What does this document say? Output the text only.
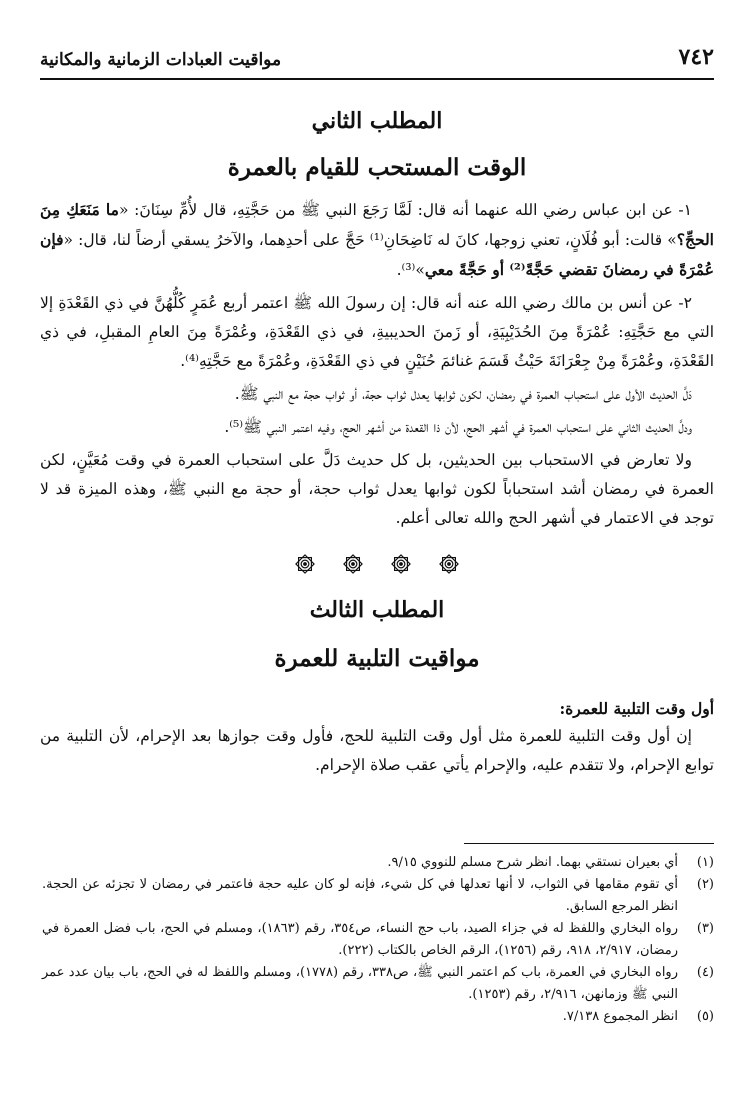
٧٤٢
مواقيت العبادات الزمانية والمكانية
المطلب الثاني
الوقت المستحب للقيام بالعمرة

١- عن ابن عباس رضي الله عنهما أنه قال: لَمَّا رَجَعَ النبي ﷺ من حَجَّتِهِ، قال لأُمِّ سِنَانَ: «ما مَنَعَكِ مِنَ الحجِّ؟» قالت: أبو فُلَانٍ، تعني زوجها، كانَ له نَاضِحَانِ⁽¹⁾ حَجَّ على أحدِهما، والآخرُ يسقي أرضاً لنا، قال: «فإن عُمْرَةً في رمضانَ تقضي حَجَّةً⁽²⁾ أو حَجَّةً معي»⁽³⁾.

٢- عن أنس بن مالك رضي الله عنه أنه قال: إن رسولَ الله ﷺ اعتمر أربع عُمَرٍ كُلُّهُنَّ في ذي القَعْدَةِ إلا التي مع حَجَّتِهِ: عُمْرَةً مِنَ الحُدَيْبِيَةِ، أو زَمنَ الحديبيةِ، في ذي القَعْدَةِ، وعُمْرَةً مِنَ العامِ المقبلِ، في ذي القَعْدَةِ، وعُمْرَةً مِنْ جِعْرَانَةَ حَيْثُ قَسَمَ غنائمَ حُنَيْنٍ في ذي القَعْدَةِ، وعُمْرَةً مع حَجَّتِهِ⁽⁴⁾.

دَلَّ الحديث الأول على استحباب العمرة في رمضان، لكون ثوابها يعدل ثواب حجة، أو ثواب حجة مع النبي ﷺ.

ودلَّ الحديث الثاني على استحباب العمرة في أشهر الحج، لأن ذا القعدة من أشهر الحج، وفيه اعتمر النبي ﷺ⁽⁵⁾.

ولا تعارض في الاستحباب بين الحديثين، بل كل حديث دَلَّ على استحباب العمرة في وقت مُعَيَّنٍ، لكن العمرة في رمضان أشد استحباباً لكون ثوابها يعدل ثواب حجة، أو حجة مع النبي ﷺ، وهذه الميزة قد لا توجد في الاعتمار في أشهر الحج والله تعالى أعلم.

المطلب الثالث
مواقيت التلبية للعمرة
أول وقت التلبية للعمرة:

إن أول وقت التلبية للعمرة مثل أول وقت التلبية للحج، فأول وقت جوازها بعد الإحرام، لأن التلبية من توابع الإحرام، ولا تتقدم عليه، والإحرام يأتي عقب صلاة الإحرام.

(١)
أي بعيران نستقي بهما. انظر شرح مسلم للنووي ٩/١٥.
(٢)
أي تقوم مقامها في الثواب، لا أنها تعدلها في كل شيء، فإنه لو كان عليه حجة فاعتمر في رمضان لا تجزئه عن الحجة. انظر المرجع السابق.
(٣)
رواه البخاري واللفظ له في جزاء الصيد، باب حج النساء، ص٣٥٤، رقم (١٨٦٣)، ومسلم في الحج، باب فضل العمرة في رمضان، ٢/٩١٧، ٩١٨، رقم (١٢٥٦)، الرقم الخاص بالكتاب (٢٢٢).
(٤)
رواه البخاري في العمرة، باب كم اعتمر النبي ﷺ، ص٣٣٨، رقم (١٧٧٨)، ومسلم واللفظ له في الحج، باب بيان عدد عمر النبي ﷺ وزمانهن، ٢/٩١٦، رقم (١٢٥٣).
(٥)
انظر المجموع ٧/١٣٨.
